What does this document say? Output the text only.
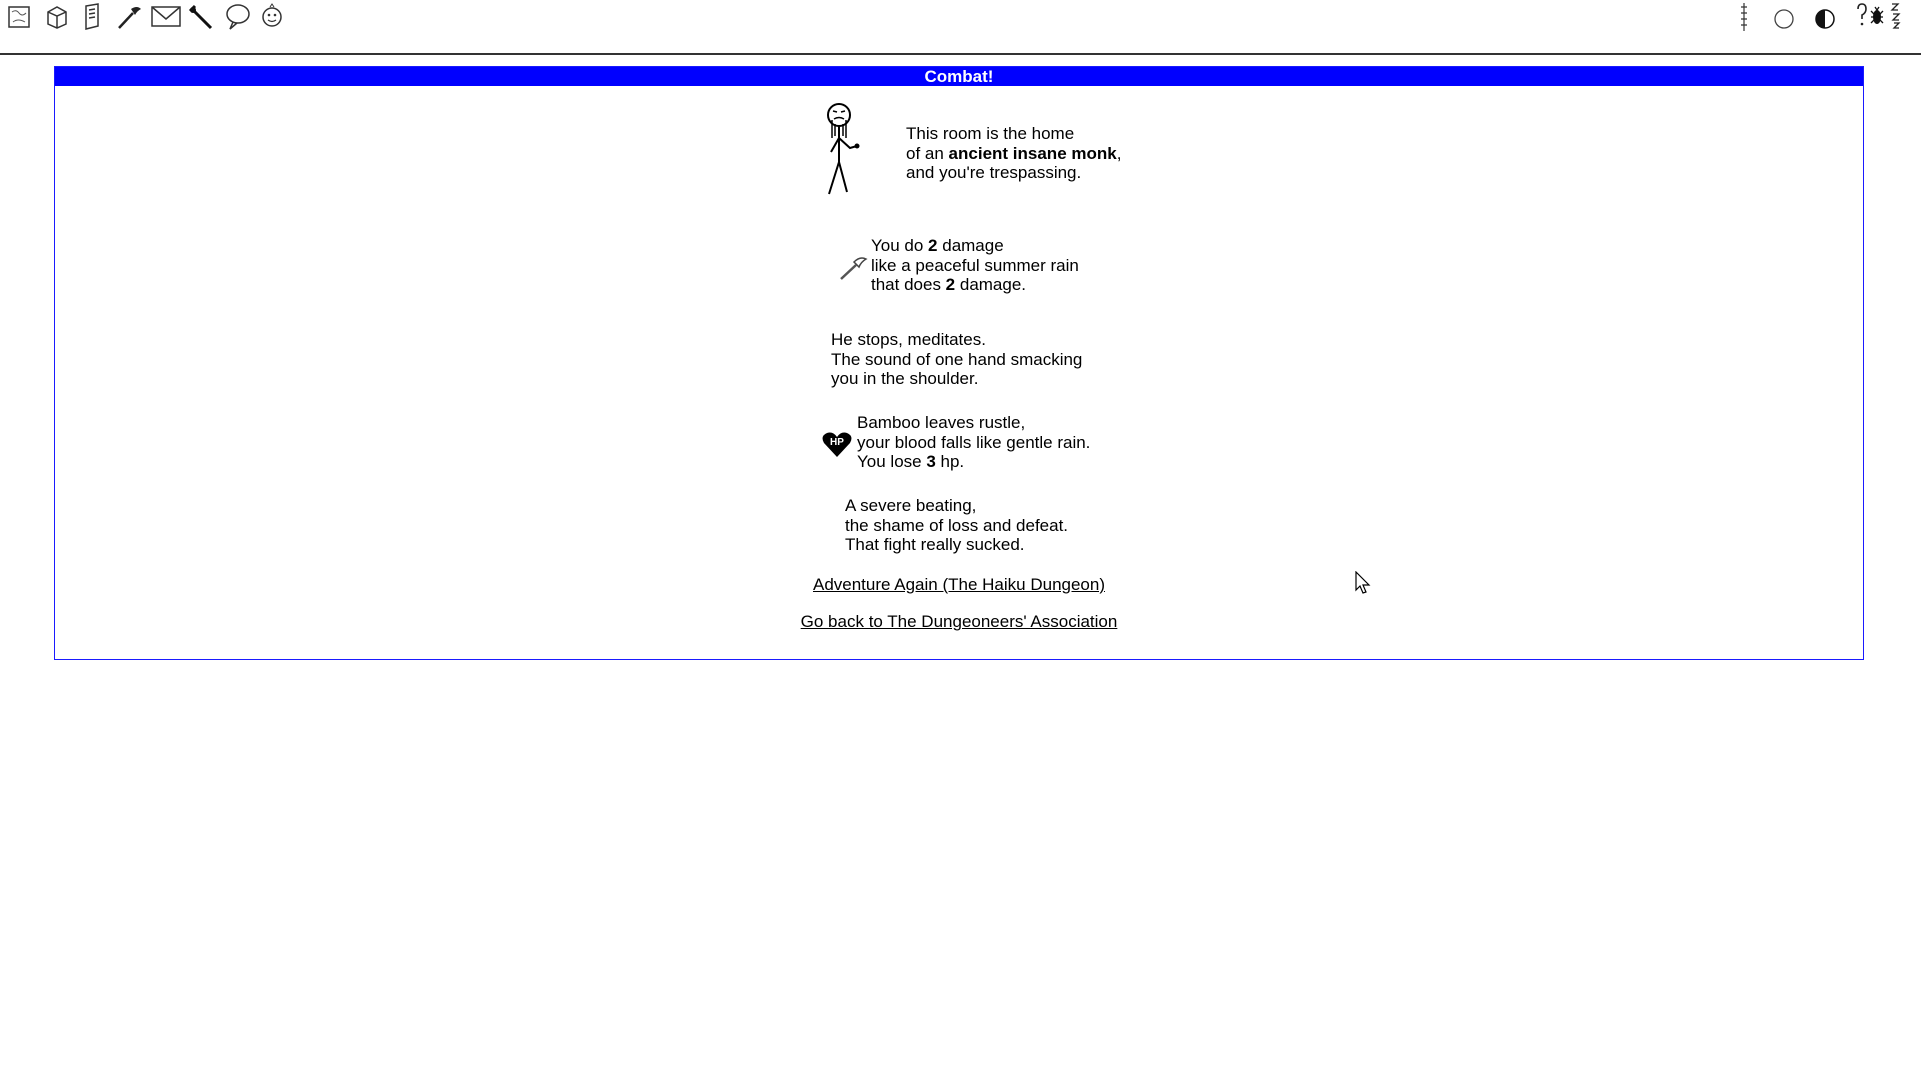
Combat!
This room is the home
of an ancient insane monk,
and you're trespassing.
You do 2 damage
like a peaceful summer rain
that does 2 damage.
He stops, meditates.
The sound of one hand smacking
you in the shoulder.
HP
Bamboo leaves rustle,
your blood falls like gentle rain.
You lose 3 hp.
A severe beating,
the shame of loss and defeat.
That fight really sucked.
Adventure Again (The Haiku Dungeon)
Go back to The Dungeoneers' Association
